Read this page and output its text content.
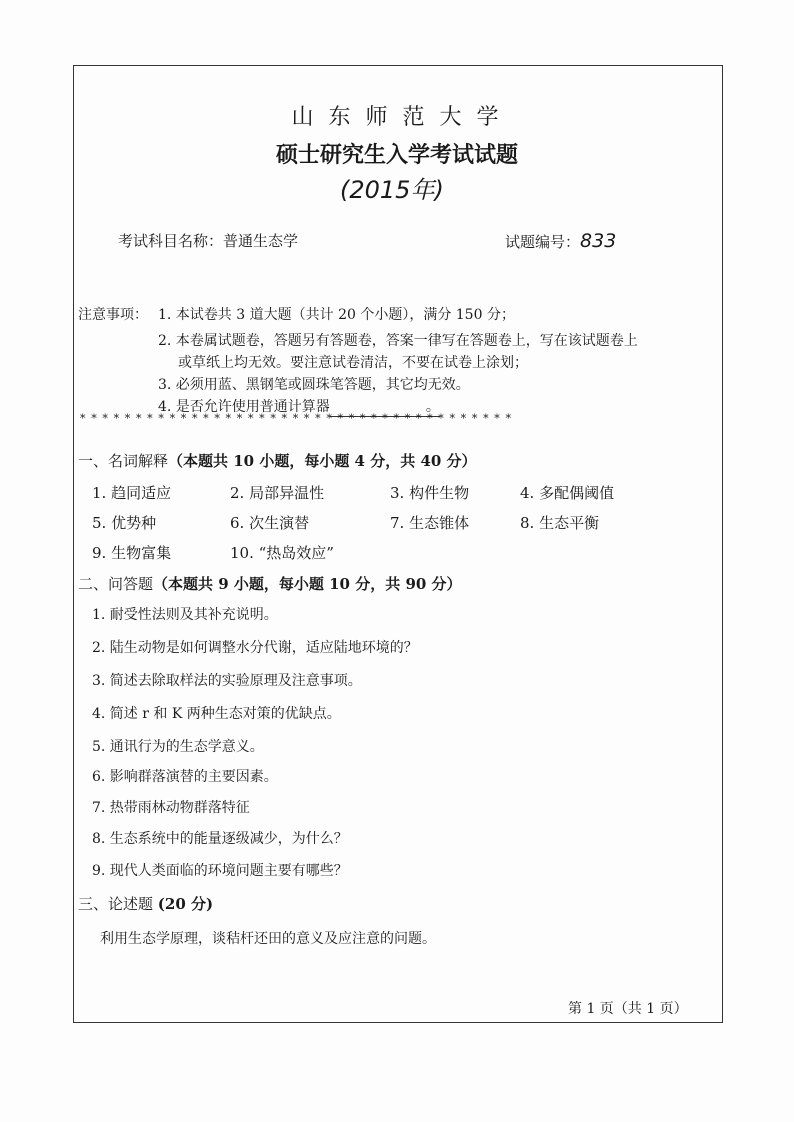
山 东 师 范 大 学
硕士研究生入学考试试题
(2015年)
考试科目名称：普通生态学	试题编号：833
注意事项： 1. 本试卷共 3 道大题（共计 20 个小题），满分 150 分；
2. 本卷属试题卷，答题另有答题卷，答案一律写在答题卷上，写在该试题卷上
或草纸上均无效。要注意试卷清洁，不要在试卷上涂划；
3. 必须用蓝、黑钢笔或圆珠笔答题，其它均无效。
4. 是否允许使用普通计算器	。
* * * * * * * * * * * * * * * * * * * * * * * * * * * * * * * * * * * * * * *
一、名词解释（本题共 10 小题，每小题 4 分，共 40 分）
1. 趋同适应	2. 局部异温性	3. 构件生物	4. 多配偶阈值
5. 优势种	6. 次生演替	7. 生态锥体	8. 生态平衡
9. 生物富集	10. “热岛效应”
二、问答题（本题共 9 小题，每小题 10 分，共 90 分）
1. 耐受性法则及其补充说明。
2. 陆生动物是如何调整水分代谢，适应陆地环境的？
3. 简述去除取样法的实验原理及注意事项。
4. 简述 r 和 K 两种生态对策的优缺点。
5. 通讯行为的生态学意义。
6. 影响群落演替的主要因素。
7. 热带雨林动物群落特征
8. 生态系统中的能量逐级减少，为什么？
9. 现代人类面临的环境问题主要有哪些？
三、论述题 (20 分)
利用生态学原理，谈秸杆还田的意义及应注意的问题。
第 1 页（共 1 页）
